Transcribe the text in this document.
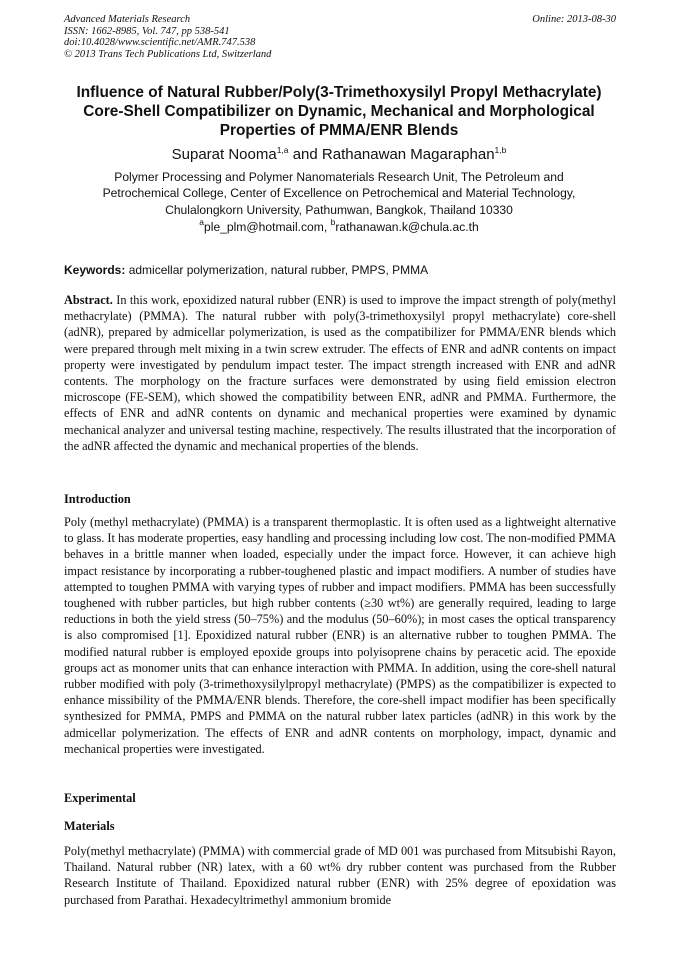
Advanced Materials Research
ISSN: 1662-8985, Vol. 747, pp 538-541
doi:10.4028/www.scientific.net/AMR.747.538
© 2013 Trans Tech Publications Ltd, Switzerland
Online: 2013-08-30
Influence of Natural Rubber/Poly(3-Trimethoxysilyl Propyl Methacrylate)
Core-Shell Compatibilizer on Dynamic, Mechanical and Morphological
Properties of PMMA/ENR Blends
Suparat Nooma$^{1,a}$ and Rathanawan Magaraphan$^{1,b}$
Polymer Processing and Polymer Nanomaterials Research Unit, The Petroleum and
Petrochemical College, Center of Excellence on Petrochemical and Material Technology,
Chulalongkorn University, Pathumwan, Bangkok, Thailand 10330
$^a$ple_plm@hotmail.com, $^b$rathanawan.k@chula.ac.th
Keywords: admicellar polymerization, natural rubber, PMPS, PMMA
Abstract. In this work, epoxidized natural rubber (ENR) is used to improve the impact strength of poly(methyl methacrylate) (PMMA). The natural rubber with poly(3-trimethoxysilyl propyl methacrylate) core-shell (adNR), prepared by admicellar polymerization, is used as the compatibilizer for PMMA/ENR blends which were prepared through melt mixing in a twin screw extruder. The effects of ENR and adNR contents on impact property were investigated by pendulum impact tester. The impact strength increased with ENR and adNR contents. The morphology on the fracture surfaces were demonstrated by using field emission electron microscope (FE-SEM), which showed the compatibility between ENR, adNR and PMMA. Furthermore, the effects of ENR and adNR contents on dynamic and mechanical properties were examined by dynamic mechanical analyzer and universal testing machine, respectively. The results illustrated that the incorporation of the adNR affected the dynamic and mechanical properties of the blends.
Introduction
Poly (methyl methacrylate) (PMMA) is a transparent thermoplastic. It is often used as a lightweight alternative to glass. It has moderate properties, easy handling and processing including low cost. The non-modified PMMA behaves in a brittle manner when loaded, especially under the impact force. However, it can achieve high impact resistance by incorporating a rubber-toughened plastic and impact modifiers. A number of studies have attempted to toughen PMMA with varying types of rubber and impact modifiers. PMMA has been successfully toughened with rubber particles, but high rubber contents (≥30 wt%) are generally required, leading to large reductions in both the yield stress (50–75%) and the modulus (50–60%); in most cases the optical transparency is also compromised [1]. Epoxidized natural rubber (ENR) is an alternative rubber to toughen PMMA. The modified natural rubber is employed epoxide groups into polyisoprene chains by peracetic acid. The epoxide groups act as monomer units that can enhance interaction with PMMA. In addition, using the core-shell natural rubber modified with poly (3-trimethoxysilylpropyl methacrylate) (PMPS) as the compatibilizer is expected to enhance missibility of the PMMA/ENR blends. Therefore, the core-shell impact modifier has been specifically synthesized for PMMA, PMPS and PMMA on the natural rubber latex particles (adNR) in this work by the admicellar polymerization. The effects of ENR and adNR contents on morphology, impact, dynamic and mechanical properties were investigated.
Experimental
Materials
Poly(methyl methacrylate) (PMMA) with commercial grade of MD 001 was purchased from Mitsubishi Rayon, Thailand. Natural rubber (NR) latex, with a 60 wt% dry rubber content was purchased from the Rubber Research Institute of Thailand. Epoxidized natural rubber (ENR) with 25% degree of epoxidation was purchased from Parathai. Hexadecyltrimethyl ammonium bromide
